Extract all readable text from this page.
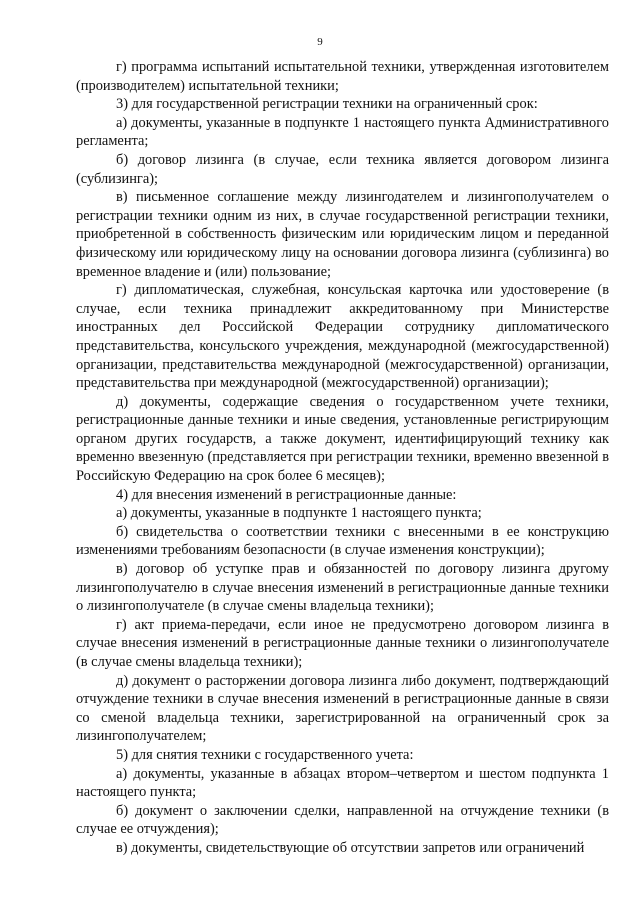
9

г) программа испытаний испытательной техники, утвержденная изготовителем (производителем) испытательной техники;

3) для государственной регистрации техники на ограниченный срок:

а) документы, указанные в подпункте 1 настоящего пункта Административного регламента;

б) договор лизинга (в случае, если техника является договором лизинга (сублизинга);

в) письменное соглашение между лизингодателем и лизингополучателем о регистрации техники одним из них, в случае государственной регистрации техники, приобретенной в собственность физическим или юридическим лицом и переданной физическому или юридическому лицу на основании договора лизинга (сублизинга) во временное владение и (или) пользование;

г) дипломатическая, служебная, консульская карточка или удостоверение (в случае, если техника принадлежит аккредитованному при Министерстве иностранных дел Российской Федерации сотруднику дипломатического представительства, консульского учреждения, международной (межгосударственной) организации, представительства международной (межгосударственной) организации, представительства при международной (межгосударственной) организации);

д) документы, содержащие сведения о государственном учете техники, регистрационные данные техники и иные сведения, установленные регистрирующим органом других государств, а также документ, идентифицирующий технику как временно ввезенную (представляется при регистрации техники, временно ввезенной в Российскую Федерацию на срок более 6 месяцев);

4) для внесения изменений в регистрационные данные:

а) документы, указанные в подпункте 1 настоящего пункта;

б) свидетельства о соответствии техники с внесенными в ее конструкцию изменениями требованиям безопасности (в случае изменения конструкции);

в) договор об уступке прав и обязанностей по договору лизинга другому лизингополучателю в случае внесения изменений в регистрационные данные техники о лизингополучателе (в случае смены владельца техники);

г) акт приема-передачи, если иное не предусмотрено договором лизинга в случае внесения изменений в регистрационные данные техники о лизингополучателе (в случае смены владельца техники);

д) документ о расторжении договора лизинга либо документ, подтверждающий отчуждение техники в случае внесения изменений в регистрационные данные в связи со сменой владельца техники, зарегистрированной на ограниченный срок за лизингополучателем;

5) для снятия техники с государственного учета:

а) документы, указанные в абзацах втором–четвертом и шестом подпункта 1 настоящего пункта;

б) документ о заключении сделки, направленной на отчуждение техники (в случае ее отчуждения);

в) документы, свидетельствующие об отсутствии запретов или ограничений
